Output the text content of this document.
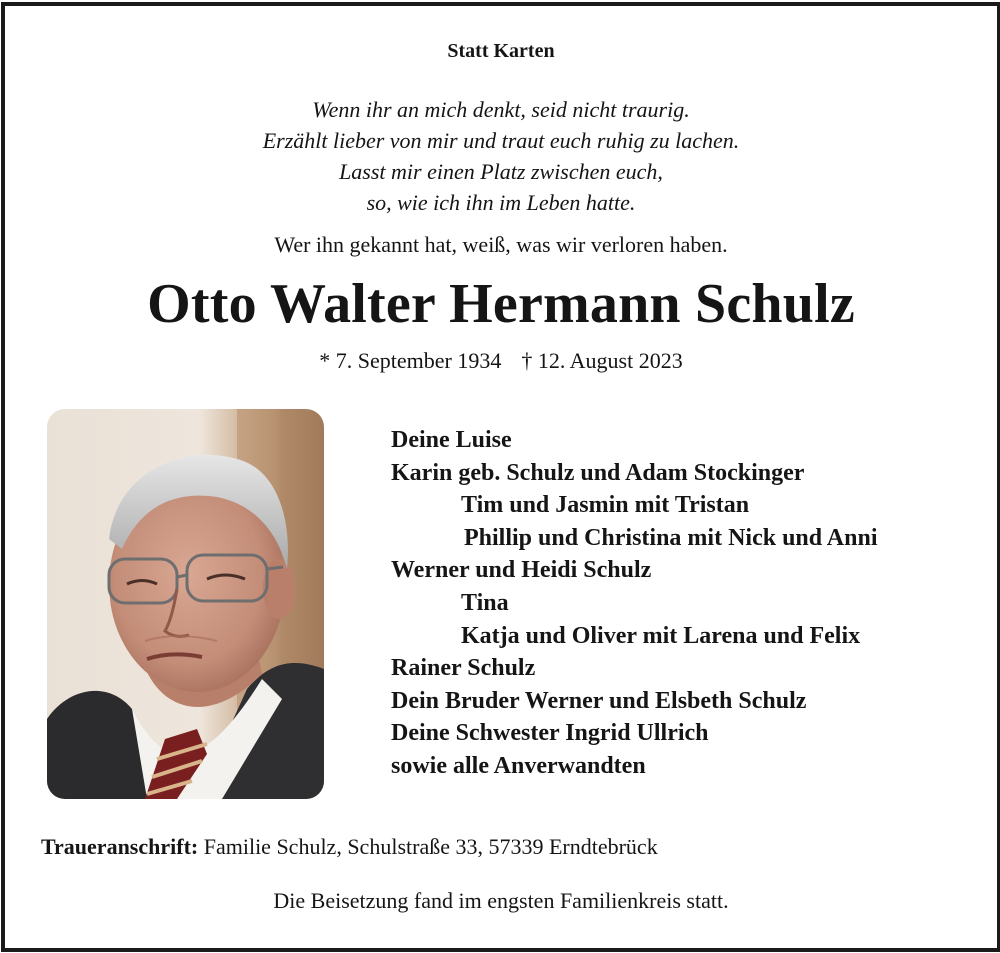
Statt Karten
Wenn ihr an mich denkt, seid nicht traurig.
Erzählt lieber von mir und traut euch ruhig zu lachen.
Lasst mir einen Platz zwischen euch,
so, wie ich ihn im Leben hatte.
Wer ihn gekannt hat, weiß, was wir verloren haben.
Otto Walter Hermann Schulz
* 7. September 1934 † 12. August 2023
Deine Luise
Karin geb. Schulz und Adam Stockinger
Tim und Jasmin mit Tristan
Phillip und Christina mit Nick und Anni
Werner und Heidi Schulz
Tina
Katja und Oliver mit Larena und Felix
Rainer Schulz
Dein Bruder Werner und Elsbeth Schulz
Deine Schwester Ingrid Ullrich
sowie alle Anverwandten
Traueranschrift: Familie Schulz, Schulstraße 33, 57339 Erndtebrück
Die Beisetzung fand im engsten Familienkreis statt.
